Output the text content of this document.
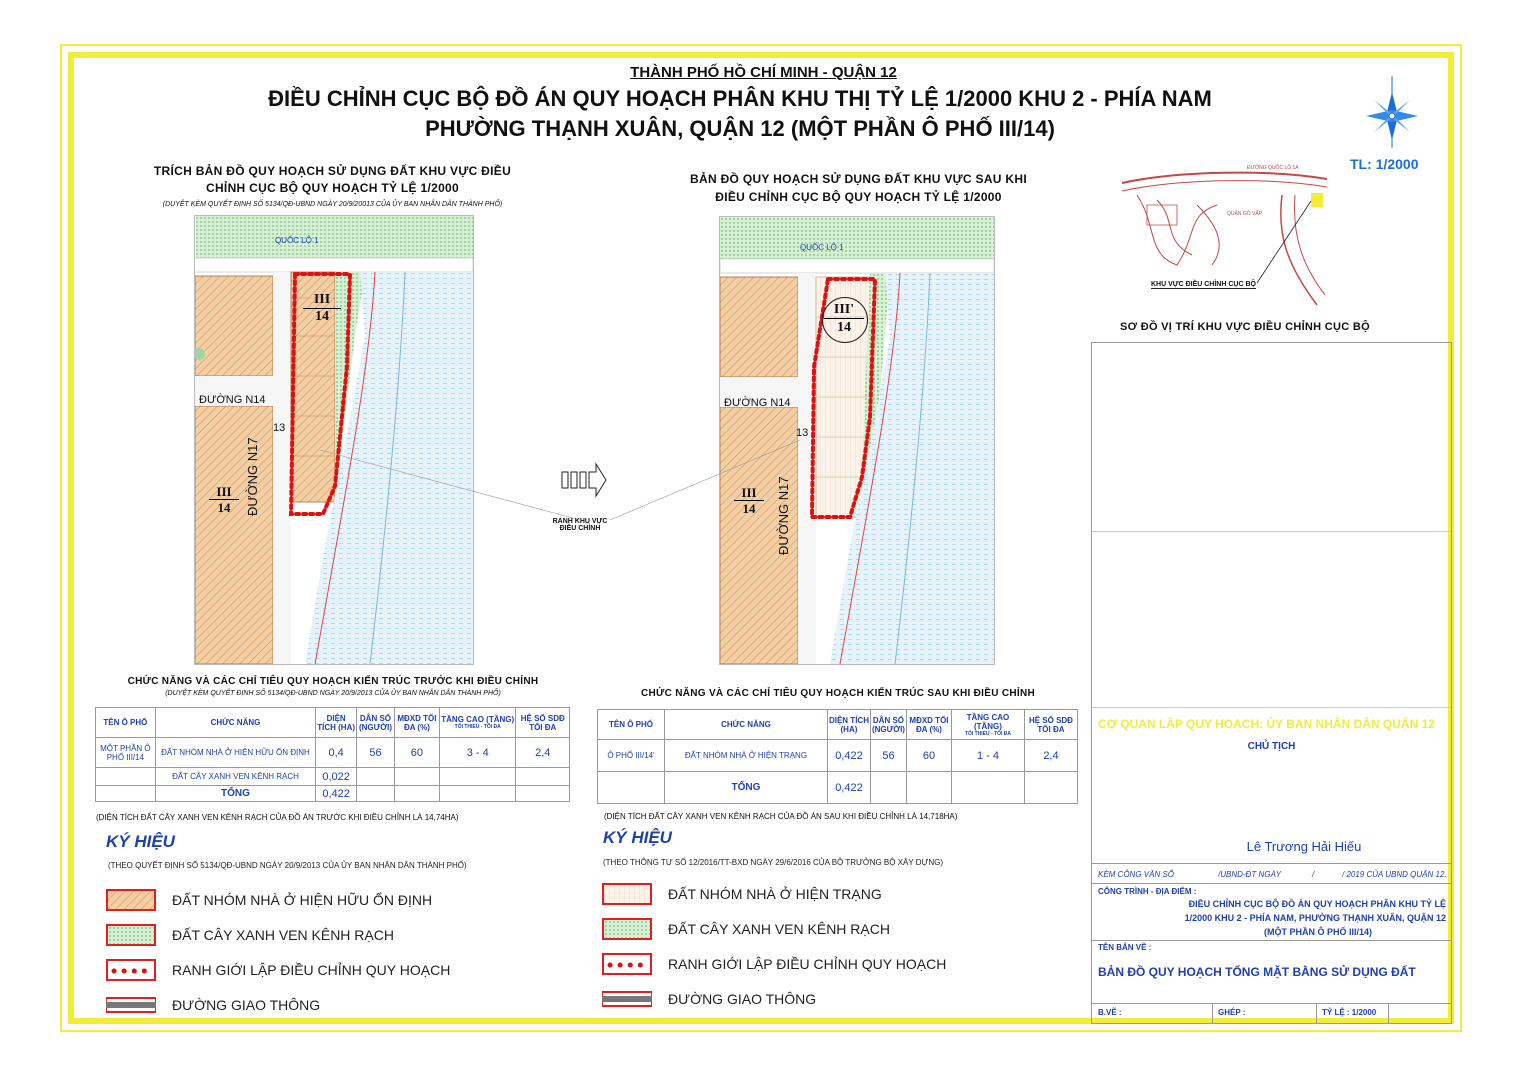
THÀNH PHỐ HỒ CHÍ MINH - QUẬN 12
ĐIỀU CHỈNH CỤC BỘ ĐỒ ÁN QUY HOẠCH PHÂN KHU THỊ TỶ LỆ 1/2000 KHU 2 - PHÍA NAM
PHƯỜNG THẠNH XUÂN, QUẬN 12 (MỘT PHẦN Ô PHỐ III/14)
TL: 1/2000
TRÍCH BẢN ĐỒ QUY HOẠCH SỬ DỤNG ĐẤT KHU VỰC ĐIỀU
CHỈNH CỤC BỘ QUY HOẠCH TỶ LỆ 1/2000
(DUYỆT KÈM QUYẾT ĐỊNH SỐ 5134/QĐ-UBND NGÀY 20/9/20013 CỦA ỦY BAN NHÂN DÂN THÀNH PHỐ)
QUỐC LỘ 1
ĐƯỜNG N14
ĐƯỜNG N17
13
III
14
III
14
BẢN ĐỒ QUY HOẠCH SỬ DỤNG ĐẤT KHU VỰC SAU KHI
ĐIỀU CHỈNH CỤC BỘ QUY HOẠCH TỶ LỆ 1/2000
QUỐC LỘ 1
ĐƯỜNG N14
ĐƯỜNG N17
13
III'
14
III
14
RANH KHU VỰC
ĐIỀU CHỈNH
ĐƯỜNG QUỐC LỘ 1A
QUẬN GÒ VẤP
KHU VỰC ĐIỀU CHỈNH CỤC BỘ
SƠ ĐỒ VỊ TRÍ KHU VỰC ĐIỀU CHỈNH CỤC BỘ
CHỨC NĂNG VÀ CÁC CHỈ TIÊU QUY HOẠCH KIẾN TRÚC TRƯỚC KHI ĐIỀU CHỈNH
(DUYỆT KÈM QUYẾT ĐỊNH SỐ 5134/QĐ-UBND NGÀY 20/9/2013 CỦA ỦY BAN NHÂN DÂN THÀNH PHỐ)
TÊN Ô PHỐ	CHỨC NĂNG	DIỆN TÍCH (HA)	DÂN SỐ (NGƯỜI)	MĐXD TỐI ĐA (%)	TẦNG CAO (TẦNG)
TỐI THIỂU - TỐI ĐA	HỆ SỐ SDĐ TỐI ĐA
MỘT PHẦN Ô PHỐ III/14	ĐẤT NHÓM NHÀ Ở HIỆN HỮU ỔN ĐỊNH	0,4	56	60	3 - 4	2,4
	ĐẤT CÂY XANH VEN KÊNH RẠCH	0,022				
	TỔNG	0,422				
(DIỆN TÍCH ĐẤT CÂY XANH VEN KÊNH RẠCH CỦA ĐỒ ÁN TRƯỚC KHI ĐIỀU CHỈNH LÀ 14,74HA)
CHỨC NĂNG VÀ CÁC CHỈ TIÊU QUY HOẠCH KIẾN TRÚC SAU KHI ĐIỀU CHỈNH
TÊN Ô PHỐ	CHỨC NĂNG	DIỆN TÍCH (HA)	DÂN SỐ (NGƯỜI)	MĐXD TỐI ĐA (%)	TẦNG CAO (TẦNG)
TỐI THIỂU - TỐI ĐA	HỆ SỐ SDĐ TỐI ĐA
Ô PHỐ III/14'	ĐẤT NHÓM NHÀ Ở HIỆN TRẠNG	0,422	56	60	1 - 4	2,4
	TỔNG	0,422				
(DIỆN TÍCH ĐẤT CÂY XANH VEN KÊNH RẠCH CỦA ĐỒ ÁN SAU KHI ĐIỀU CHỈNH LÀ 14,718HA)
KÝ HIỆU
(THEO QUYẾT ĐỊNH SỐ 5134/QĐ-UBND NGÀY 20/9/2013 CỦA ỦY BAN NHÂN DÂN THÀNH PHỐ)
ĐẤT NHÓM NHÀ Ở HIỆN HỮU ỔN ĐỊNH
ĐẤT CÂY XANH VEN KÊNH RẠCH
RANH GIỚI LẬP ĐIỀU CHỈNH QUY HOẠCH
ĐƯỜNG GIAO THÔNG
KÝ HIỆU
(THEO THÔNG TƯ SỐ 12/2016/TT-BXD NGÀY 29/6/2016 CỦA BỘ TRƯỞNG BỘ XÂY DỰNG)
ĐẤT NHÓM NHÀ Ở HIỆN TRẠNG
ĐẤT CÂY XANH VEN KÊNH RẠCH
RANH GIỚI LẬP ĐIỀU CHỈNH QUY HOẠCH
ĐƯỜNG GIAO THÔNG
CƠ QUAN LẬP QUY HOẠCH: ỦY BAN NHÂN DÂN QUẬN 12
CHỦ TỊCH
Lê Trương Hải Hiếu
KÈM CÔNG VĂN SỐ	/UBND-ĐT NGÀY	/	/ 2019 CỦA UBND QUẬN 12.
CÔNG TRÌNH - ĐỊA ĐIỂM :
ĐIỀU CHỈNH CỤC BỘ ĐỒ ÁN QUY HOẠCH PHÂN KHU TỶ LỆ
1/2000 KHU 2 - PHÍA NAM, PHƯỜNG THẠNH XUÂN, QUẬN 12
(MỘT PHẦN Ô PHỐ III/14)
TÊN BẢN VẼ :
BẢN ĐỒ QUY HOẠCH TỔNG MẶT BẰNG SỬ DỤNG ĐẤT
B.VẼ :	GHÉP :	TỶ LỆ : 1/2000
